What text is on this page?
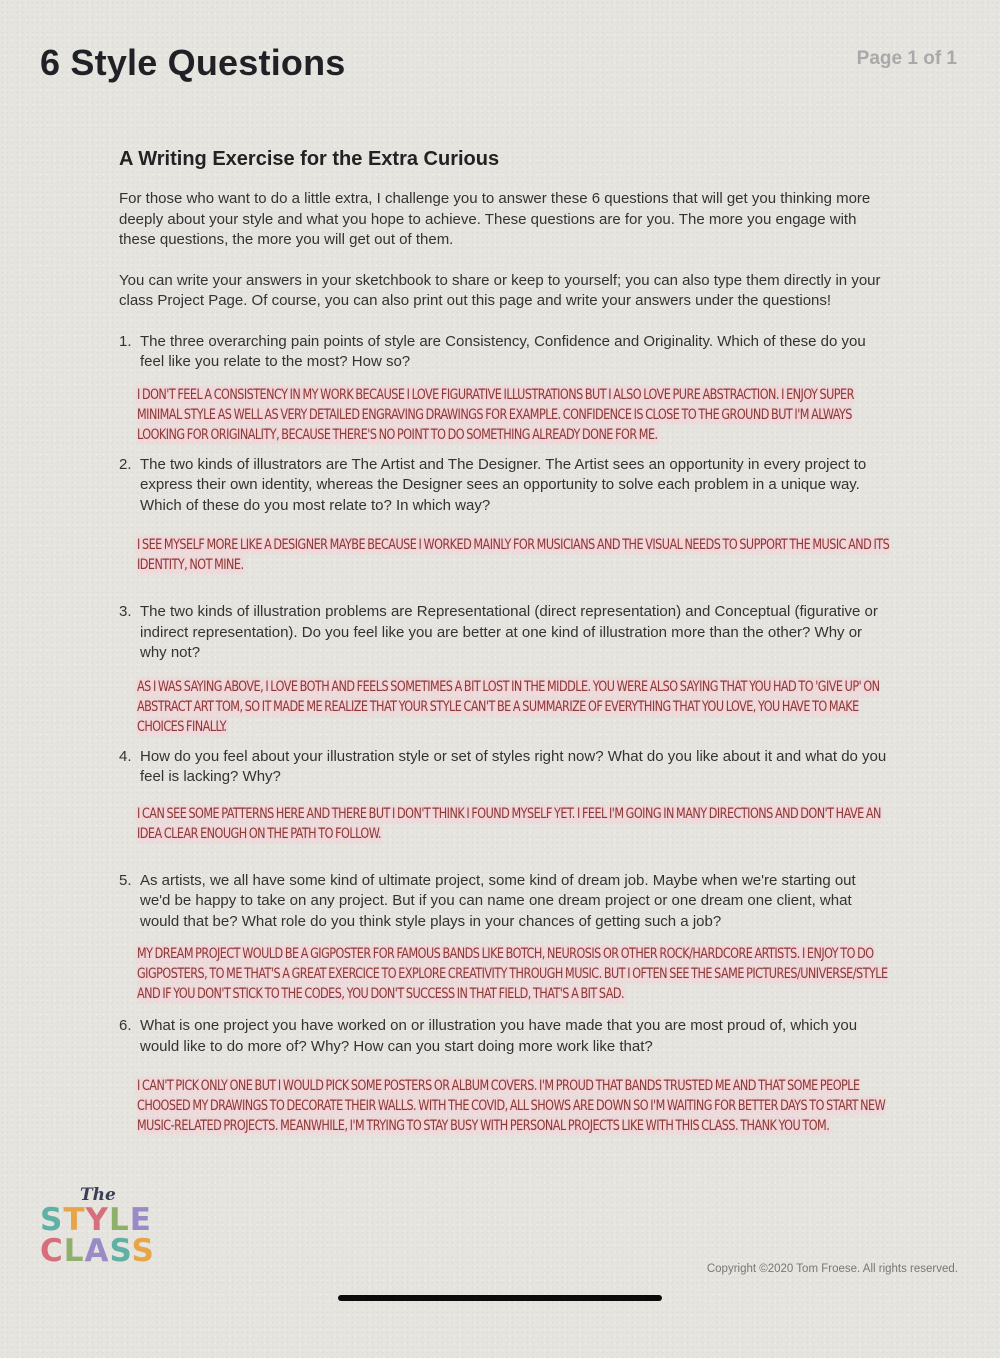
6 Style Questions	Page 1 of 1
A Writing Exercise for the Extra Curious

For those who want to do a little extra, I challenge you to answer these 6 questions that will get you thinking more deeply about your style and what you hope to achieve. These questions are for you. The more you engage with these questions, the more you will get out of them.

You can write your answers in your sketchbook to share or keep to yourself; you can also type them directly in your class Project Page. Of course, you can also print out this page and write your answers under the questions!

1. The three overarching pain points of style are Consistency, Confidence and Originality. Which of these do you feel like you relate to the most? How so?
I DON'T FEEL A CONSISTENCY IN MY WORK BECAUSE I LOVE FIGURATIVE ILLUSTRATIONS BUT I ALSO LOVE PURE ABSTRACTION. I ENJOY SUPER MINIMAL STYLE AS WELL AS VERY DETAILED ENGRAVING DRAWINGS FOR EXAMPLE. CONFIDENCE IS CLOSE TO THE GROUND BUT I'M ALWAYS LOOKING FOR ORIGINALITY, BECAUSE THERE'S NO POINT TO DO SOMETHING ALREADY DONE FOR ME.
2. The two kinds of illustrators are The Artist and The Designer. The Artist sees an opportunity in every project to express their own identity, whereas the Designer sees an opportunity to solve each problem in a unique way. Which of these do you most relate to? In which way?
I SEE MYSELF MORE LIKE A DESIGNER MAYBE BECAUSE I WORKED MAINLY FOR MUSICIANS AND THE VISUAL NEEDS TO SUPPORT THE MUSIC AND ITS IDENTITY, NOT MINE.
3. The two kinds of illustration problems are Representational (direct representation) and Conceptual (figurative or indirect representation). Do you feel like you are better at one kind of illustration more than the other? Why or why not?
AS I WAS SAYING ABOVE, I LOVE BOTH AND FEELS SOMETIMES A BIT LOST IN THE MIDDLE. YOU WERE ALSO SAYING THAT YOU HAD TO 'GIVE UP' ON ABSTRACT ART TOM, SO IT MADE ME REALIZE THAT YOUR STYLE CAN'T BE A SUMMARIZE OF EVERYTHING THAT YOU LOVE, YOU HAVE TO MAKE CHOICES FINALLY.
4. How do you feel about your illustration style or set of styles right now? What do you like about it and what do you feel is lacking? Why?
I CAN SEE SOME PATTERNS HERE AND THERE BUT I DON'T THINK I FOUND MYSELF YET. I FEEL I'M GOING IN MANY DIRECTIONS AND DON'T HAVE AN IDEA CLEAR ENOUGH ON THE PATH TO FOLLOW.
5. As artists, we all have some kind of ultimate project, some kind of dream job. Maybe when we're starting out we'd be happy to take on any project. But if you can name one dream project or one dream one client, what would that be? What role do you think style plays in your chances of getting such a job?
MY DREAM PROJECT WOULD BE A GIGPOSTER FOR FAMOUS BANDS LIKE BOTCH, NEUROSIS OR OTHER ROCK/HARDCORE ARTISTS. I ENJOY TO DO GIGPOSTERS, TO ME THAT'S A GREAT EXERCICE TO EXPLORE CREATIVITY THROUGH MUSIC. BUT I OFTEN SEE THE SAME PICTURES/UNIVERSE/STYLE AND IF YOU DON'T STICK TO THE CODES, YOU DON'T SUCCESS IN THAT FIELD, THAT'S A BIT SAD.
6. What is one project you have worked on or illustration you have made that you are most proud of, which you would like to do more of? Why? How can you start doing more work like that?
I CAN'T PICK ONLY ONE BUT I WOULD PICK SOME POSTERS OR ALBUM COVERS. I'M PROUD THAT BANDS TRUSTED ME AND THAT SOME PEOPLE CHOOSED MY DRAWINGS TO DECORATE THEIR WALLS. WITH THE COVID, ALL SHOWS ARE DOWN SO I'M WAITING FOR BETTER DAYS TO START NEW MUSIC-RELATED PROJECTS. MEANWHILE, I'M TRYING TO STAY BUSY WITH PERSONAL PROJECTS LIKE WITH THIS CLASS. THANK YOU TOM.
The
STYLE
CLASS	Copyright ©2020 Tom Froese. All rights reserved.
